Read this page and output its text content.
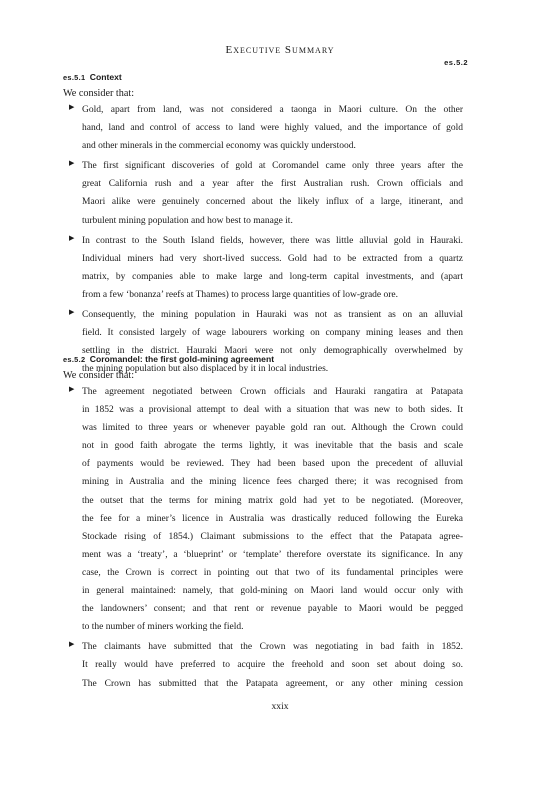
Executive Summary
es.5.2
es.5.1 Context
We consider that:
▶ Gold, apart from land, was not considered a taonga in Maori culture. On the other
hand, land and control of access to land were highly valued, and the importance of gold
and other minerals in the commercial economy was quickly understood.
▶ The first significant discoveries of gold at Coromandel came only three years after the
great California rush and a year after the first Australian rush. Crown officials and
Maori alike were genuinely concerned about the likely influx of a large, itinerant, and
turbulent mining population and how best to manage it.
▶ In contrast to the South Island fields, however, there was little alluvial gold in Hauraki.
Individual miners had very short-lived success. Gold had to be extracted from a quartz
matrix, by companies able to make large and long-term capital investments, and (apart
from a few ‘bonanza’ reefs at Thames) to process large quantities of low-grade ore.
▶ Consequently, the mining population in Hauraki was not as transient as on an alluvial
field. It consisted largely of wage labourers working on company mining leases and then
settling in the district. Hauraki Maori were not only demographically overwhelmed by
the mining population but also displaced by it in local industries.
es.5.2 Coromandel: the first gold-mining agreement
We consider that:
▶ The agreement negotiated between Crown officials and Hauraki rangatira at Patapata
in 1852 was a provisional attempt to deal with a situation that was new to both sides. It
was limited to three years or whenever payable gold ran out. Although the Crown could
not in good faith abrogate the terms lightly, it was inevitable that the basis and scale
of payments would be reviewed. They had been based upon the precedent of alluvial
mining in Australia and the mining licence fees charged there; it was recognised from
the outset that the terms for mining matrix gold had yet to be negotiated. (Moreover,
the fee for a miner’s licence in Australia was drastically reduced following the Eureka
Stockade rising of 1854.) Claimant submissions to the effect that the Patapata agree-
ment was a ‘treaty’, a ‘blueprint’ or ‘template’ therefore overstate its significance. In any
case, the Crown is correct in pointing out that two of its fundamental principles were
in general maintained: namely, that gold-mining on Maori land would occur only with
the landowners’ consent; and that rent or revenue payable to Maori would be pegged
to the number of miners working the field.
▶ The claimants have submitted that the Crown was negotiating in bad faith in 1852.
It really would have preferred to acquire the freehold and soon set about doing so.
The Crown has submitted that the Patapata agreement, or any other mining cession
xxix
